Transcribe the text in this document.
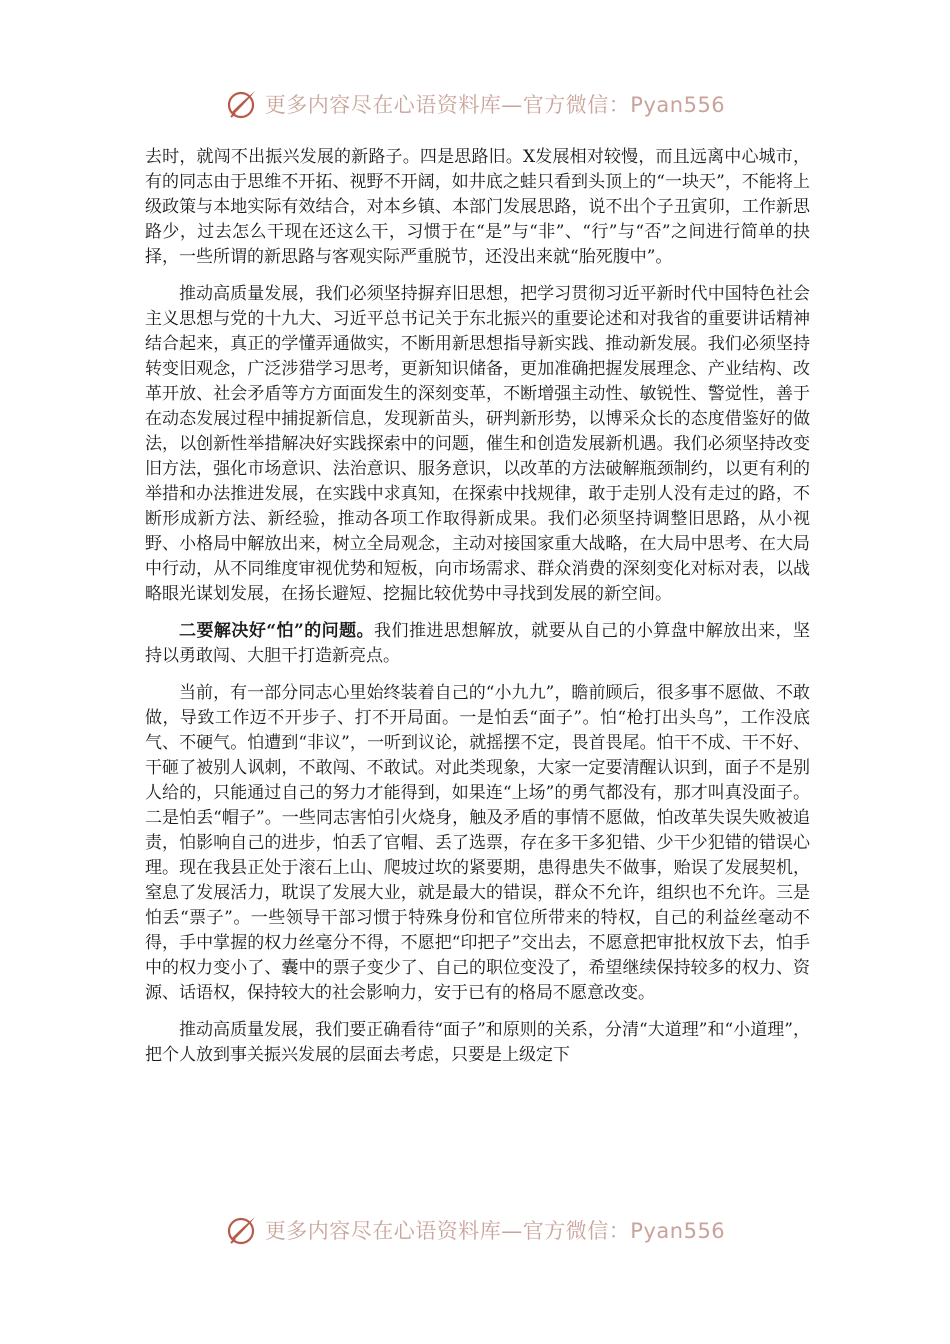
更多内容尽在心语资料库—官方微信：Pyan556

去时，就闯不出振兴发展的新路子。四是思路旧。X发展相对较慢，而且远离中心城市，有的同志由于思维不开拓、视野不开阔，如井底之蛙只看到头顶上的“一块天”，不能将上级政策与本地实际有效结合，对本乡镇、本部门发展思路，说不出个子丑寅卯，工作新思路少，过去怎么干现在还这么干，习惯于在“是”与“非”、“行”与“否”之间进行简单的抉择，一些所谓的新思路与客观实际严重脱节，还没出来就“胎死腹中”。

推动高质量发展，我们必须坚持摒弃旧思想，把学习贯彻习近平新时代中国特色社会主义思想与党的十九大、习近平总书记关于东北振兴的重要论述和对我省的重要讲话精神结合起来，真正的学懂弄通做实，不断用新思想指导新实践、推动新发展。我们必须坚持转变旧观念，广泛涉猎学习思考，更新知识储备，更加准确把握发展理念、产业结构、改革开放、社会矛盾等方方面面发生的深刻变革，不断增强主动性、敏锐性、警觉性，善于在动态发展过程中捕捉新信息，发现新苗头，研判新形势，以博采众长的态度借鉴好的做法，以创新性举措解决好实践探索中的问题，催生和创造发展新机遇。我们必须坚持改变旧方法，强化市场意识、法治意识、服务意识，以改革的方法破解瓶颈制约，以更有利的举措和办法推进发展，在实践中求真知，在探索中找规律，敢于走别人没有走过的路，不断形成新方法、新经验，推动各项工作取得新成果。我们必须坚持调整旧思路，从小视野、小格局中解放出来，树立全局观念，主动对接国家重大战略，在大局中思考、在大局中行动，从不同维度审视优势和短板，向市场需求、群众消费的深刻变化对标对表，以战略眼光谋划发展，在扬长避短、挖掘比较优势中寻找到发展的新空间。

二要解决好“怕”的问题。我们推进思想解放，就要从自己的小算盘中解放出来，坚持以勇敢闯、大胆干打造新亮点。

当前，有一部分同志心里始终装着自己的“小九九”，瞻前顾后，很多事不愿做、不敢做，导致工作迈不开步子、打不开局面。一是怕丢“面子”。怕“枪打出头鸟”，工作没底气、不硬气。怕遭到“非议”，一听到议论，就摇摆不定，畏首畏尾。怕干不成、干不好、干砸了被别人讽刺，不敢闯、不敢试。对此类现象，大家一定要清醒认识到，面子不是别人给的，只能通过自己的努力才能得到，如果连“上场”的勇气都没有，那才叫真没面子。二是怕丢“帽子”。一些同志害怕引火烧身，触及矛盾的事情不愿做，怕改革失误失败被追责，怕影响自己的进步，怕丢了官帽、丢了选票，存在多干多犯错、少干少犯错的错误心理。现在我县正处于滚石上山、爬坡过坎的紧要期，患得患失不做事，贻误了发展契机，窒息了发展活力，耽误了发展大业，就是最大的错误，群众不允许，组织也不允许。三是怕丢“票子”。一些领导干部习惯于特殊身份和官位所带来的特权，自己的利益丝毫动不得，手中掌握的权力丝毫分不得，不愿把“印把子”交出去，不愿意把审批权放下去，怕手中的权力变小了、囊中的票子变少了、自己的职位变没了，希望继续保持较多的权力、资源、话语权，保持较大的社会影响力，安于已有的格局不愿意改变。

推动高质量发展，我们要正确看待“面子”和原则的关系，分清“大道理”和“小道理”，把个人放到事关振兴发展的层面去考虑，只要是上级定下

更多内容尽在心语资料库—官方微信：Pyan556
